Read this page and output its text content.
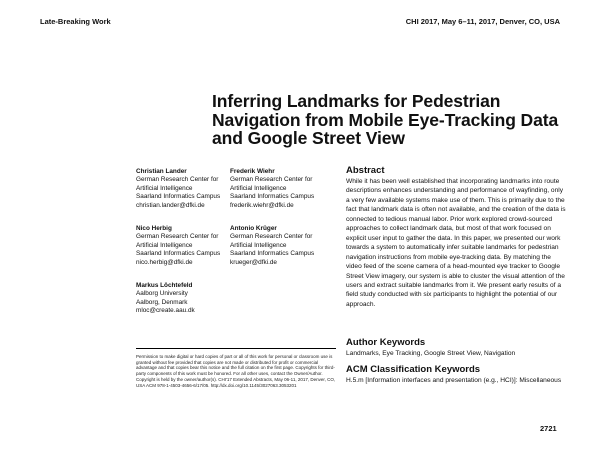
Late-Breaking Work	CHI 2017, May 6–11, 2017, Denver, CO, USA
Inferring Landmarks for Pedestrian Navigation from Mobile Eye-Tracking Data and Google Street View
Christian Lander
German Research Center for
Artificial Intelligence
Saarland Informatics Campus
christian.lander@dfki.de
Frederik Wiehr
German Research Center for
Artificial Intelligence
Saarland Informatics Campus
frederik.wiehr@dfki.de
Nico Herbig
German Research Center for
Artificial Intelligence
Saarland Informatics Campus
nico.herbig@dfki.de
Antonio Krüger
German Research Center for
Artificial Intelligence
Saarland Informatics Campus
krueger@dfki.de
Markus Löchtefeld
Aalborg University
Aalborg, Denmark
mloc@create.aau.dk
Permission to make digital or hard copies of part or all of this work for personal or classroom use is granted without fee provided that copies are not made or distributed for profit or commercial advantage and that copies bear this notice and the full citation on the first page. Copyrights for third-party components of this work must be honored. For all other uses, contact the Owner/Author. Copyright is held by the owner/author(s). CHI'17 Extended Abstracts, May 06-11, 2017, Denver, CO, USA ACM 978-1-4503-4656-6/17/05. http://dx.doi.org/10.1145/3027063.3053201
Abstract
While it has been well established that incorporating landmarks into route descriptions enhances understanding and performance of wayfinding, only a very few available systems make use of them. This is primarily due to the fact that landmark data is often not available, and the creation of the data is connected to tedious manual labor. Prior work explored crowd-sourced approaches to collect landmark data, but most of that work focused on explicit user input to gather the data. In this paper, we presented our work towards a system to automatically infer suitable landmarks for pedestrian navigation instructions from mobile eye-tracking data. By matching the video feed of the scene camera of a head-mounted eye tracker to Google Street View imagery, our system is able to cluster the visual attention of the users and extract suitable landmarks from it. We present early results of a field study conducted with six participants to highlight the potential of our approach.
Author Keywords
Landmarks, Eye Tracking, Google Street View, Navigation
ACM Classification Keywords
H.5.m [Information interfaces and presentation (e.g., HCI)]: Miscellaneous
2721
